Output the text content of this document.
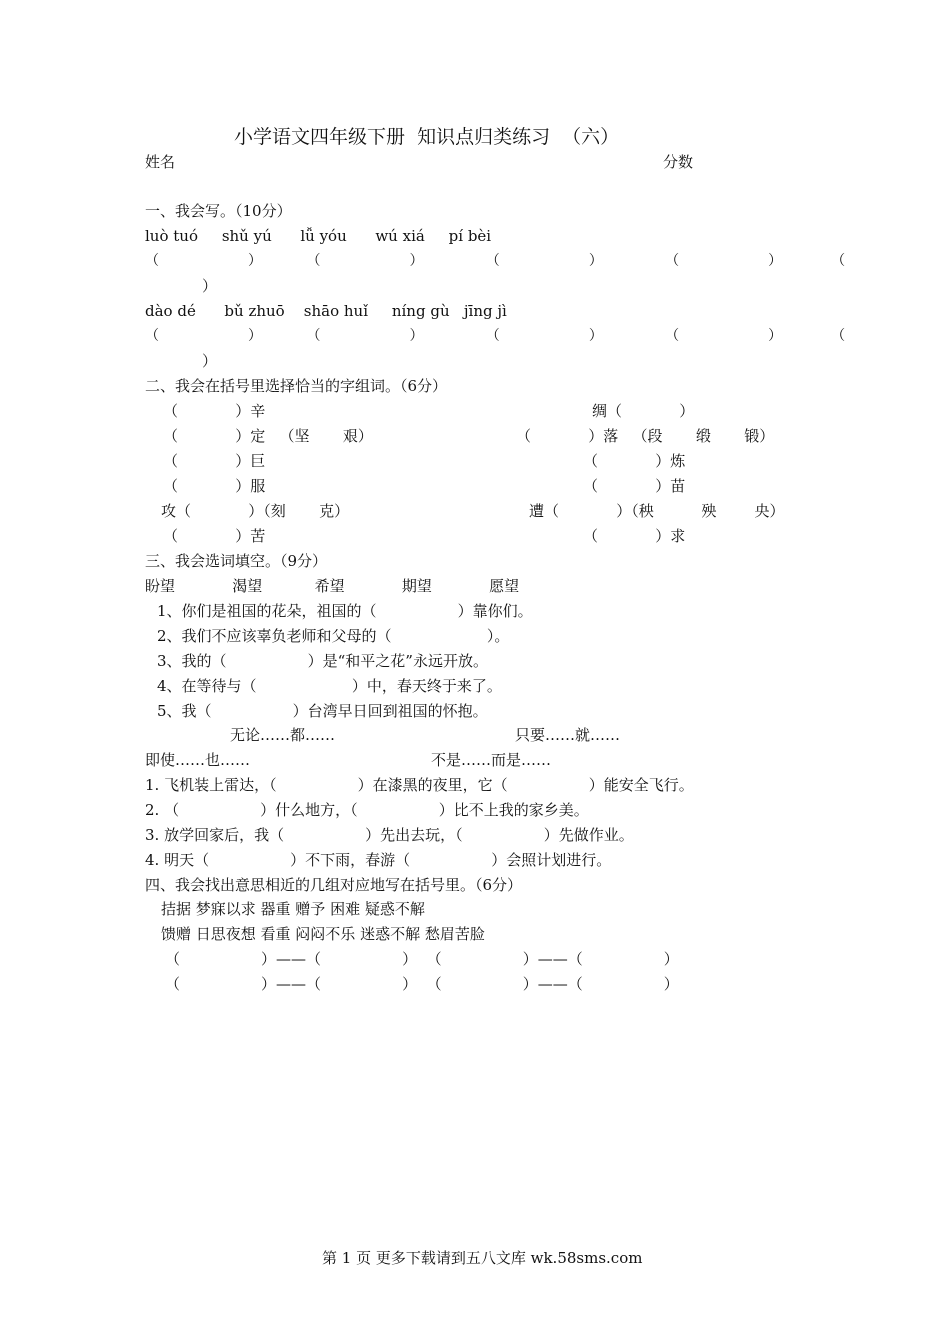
小学语文四年级下册  知识点归类练习  （六）
姓名	分数
一、我会写。（10分）
luò tuó     shǔ yú      lǚ yóu      wú xiá     pí bèi
（                    ）          （                    ）              （                    ）              （                    ）           （
）
dào dé      bǔ zhuō    shāo huǐ     níng gù   jīng jì
（                    ）          （                    ）              （                    ）              （                    ）           （
）
二、我会在括号里选择恰当的字组词。（6分）
（            ）辛	绸（            ）
（            ）定   （坚       艰）	（            ）落   （段       缎       锻）
（            ）巨	（            ）炼
（            ）服	（            ）苗
攻（            ）（刻       克）	遭（            ）（秧          殃        央）
（            ）苦	（            ）求
三、我会选词填空。（9分）
盼望            渴望           希望            期望            愿望
1、你们是祖国的花朵，祖国的（                 ）靠你们。
2、我们不应该辜负老师和父母的（                    ）。
3、我的（                 ）是“和平之花”永远开放。
4、在等待与（                    ）中，春天终于来了。
5、我（                 ）台湾早日回到祖国的怀抱。
无论……都……	只要……就……
即使……也……	不是……而是……
1. 飞机装上雷达，（                 ）在漆黑的夜里，它（                 ）能安全飞行。
2. （                 ）什么地方，（                 ）比不上我的家乡美。
3. 放学回家后，我（                 ）先出去玩，（                 ）先做作业。
4. 明天（                 ）不下雨，春游（                 ）会照计划进行。
四、我会找出意思相近的几组对应地写在括号里。（6分）
拮据 梦寐以求 器重 赠予 困难 疑惑不解
馈赠 日思夜想 看重 闷闷不乐 迷惑不解 愁眉苦脸
（                 ）——（                 ）  （                 ）——（                 ）
（                 ）——（                 ）  （                 ）——（                 ）
第 1 页 更多下载请到五八文库 wk.58sms.com
